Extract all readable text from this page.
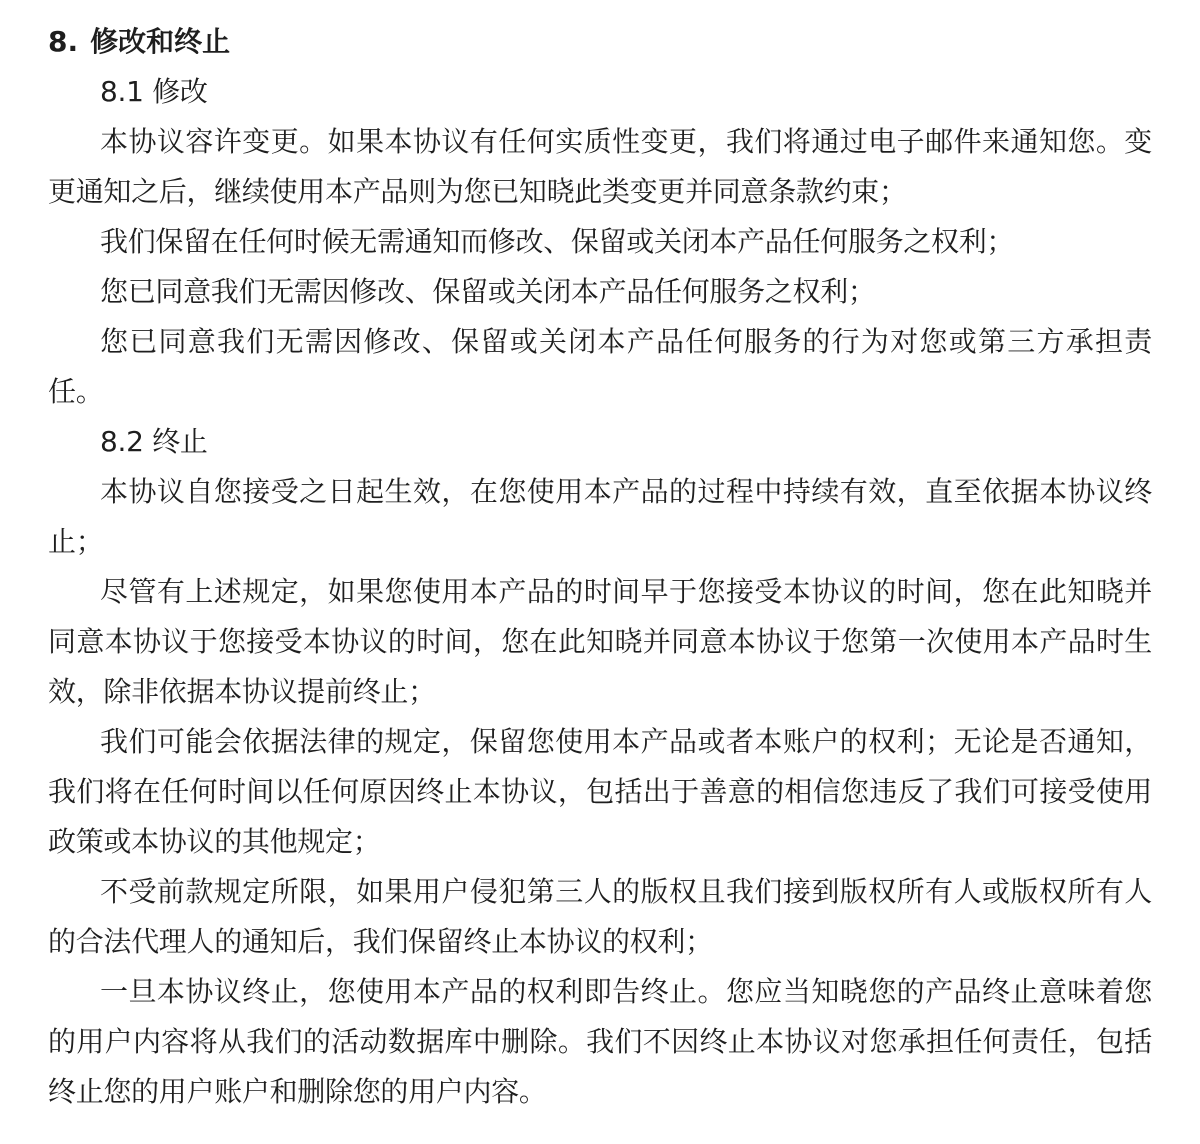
8. 修改和终止

8.1 修改

本协议容许变更。如果本协议有任何实质性变更，我们将通过电子邮件来通知您。变更通知之后，继续使用本产品则为您已知晓此类变更并同意条款约束；

我们保留在任何时候无需通知而修改、保留或关闭本产品任何服务之权利；

您已同意我们无需因修改、保留或关闭本产品任何服务之权利；

您已同意我们无需因修改、保留或关闭本产品任何服务的行为对您或第三方承担责任。

8.2 终止

本协议自您接受之日起生效，在您使用本产品的过程中持续有效，直至依据本协议终止；

尽管有上述规定，如果您使用本产品的时间早于您接受本协议的时间，您在此知晓并同意本协议于您接受本协议的时间，您在此知晓并同意本协议于您第一次使用本产品时生效，除非依据本协议提前终止；

我们可能会依据法律的规定，保留您使用本产品或者本账户的权利；无论是否通知，我们将在任何时间以任何原因终止本协议，包括出于善意的相信您违反了我们可接受使用政策或本协议的其他规定；

不受前款规定所限，如果用户侵犯第三人的版权且我们接到版权所有人或版权所有人的合法代理人的通知后，我们保留终止本协议的权利；

一旦本协议终止，您使用本产品的权利即告终止。您应当知晓您的产品终止意味着您的用户内容将从我们的活动数据库中删除。我们不因终止本协议对您承担任何责任，包括终止您的用户账户和删除您的用户内容。
